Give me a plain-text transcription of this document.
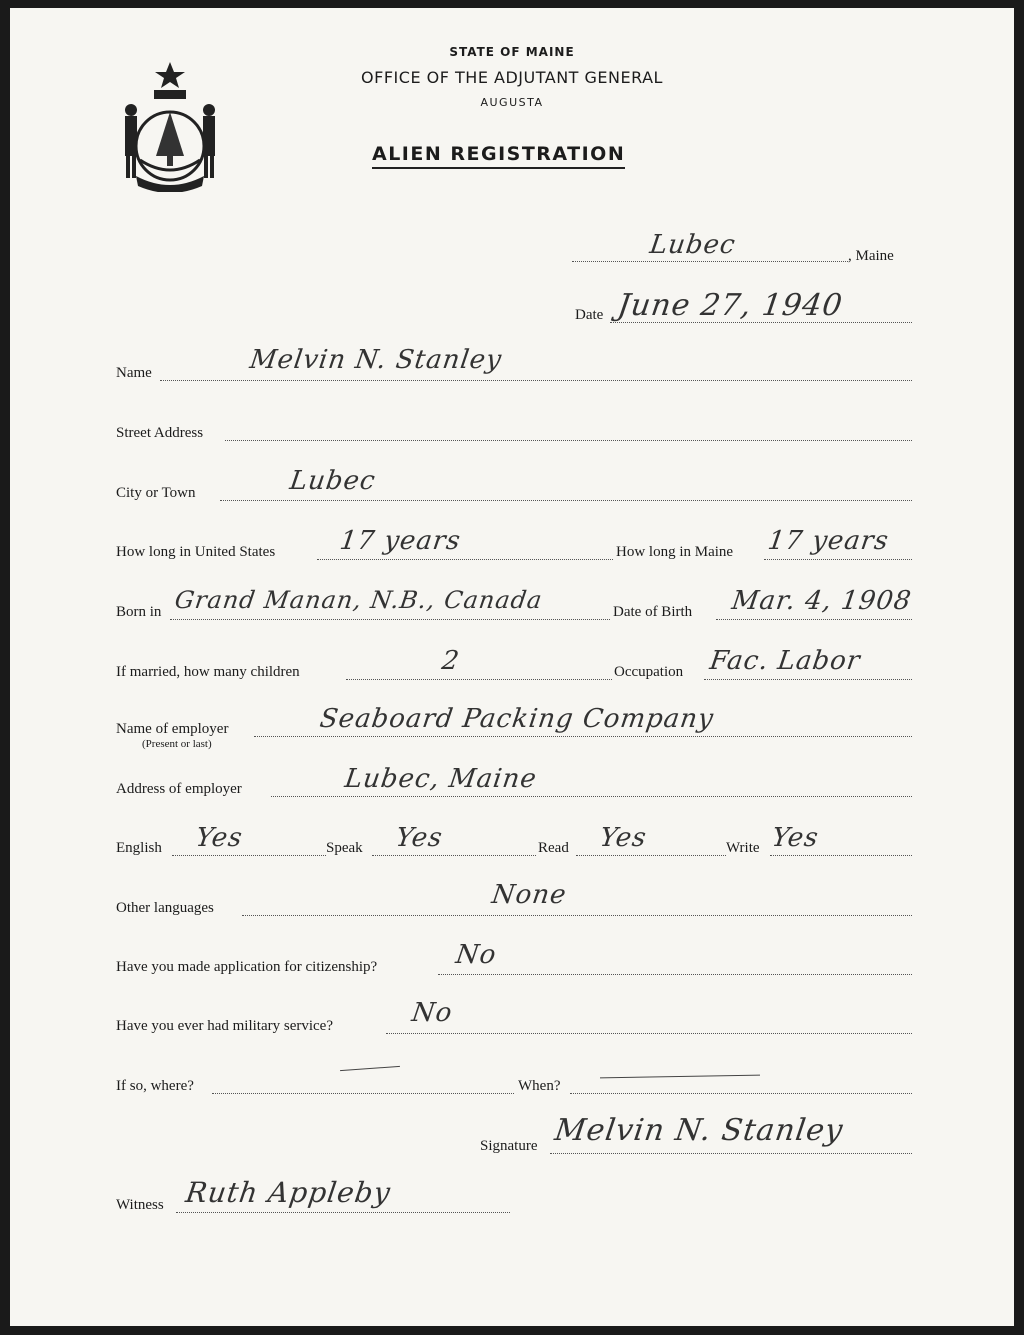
STATE OF MAINE
OFFICE OF THE ADJUTANT GENERAL
AUGUSTA
ALIEN REGISTRATION
Lubec	, Maine
Date June 27, 1940
Name	Melvin N. Stanley
Street Address
City or Town	Lubec
How long in United States 17 years	How long in Maine 17 years
Born in Grand Manan, N.B., Canada	Date of Birth Mar. 4, 1908
If married, how many children	2	Occupation Fac. Labor
Name of employer
(Present or last)
Seaboard Packing Company
Address of employer	Lubec, Maine
English Yes	Speak Yes	Read Yes	Write Yes
Other languages	None
Have you made application for citizenship?	No
Have you ever had military service?	No
If so, where?	When?
Signature Melvin N. Stanley
Witness Ruth Appleby
